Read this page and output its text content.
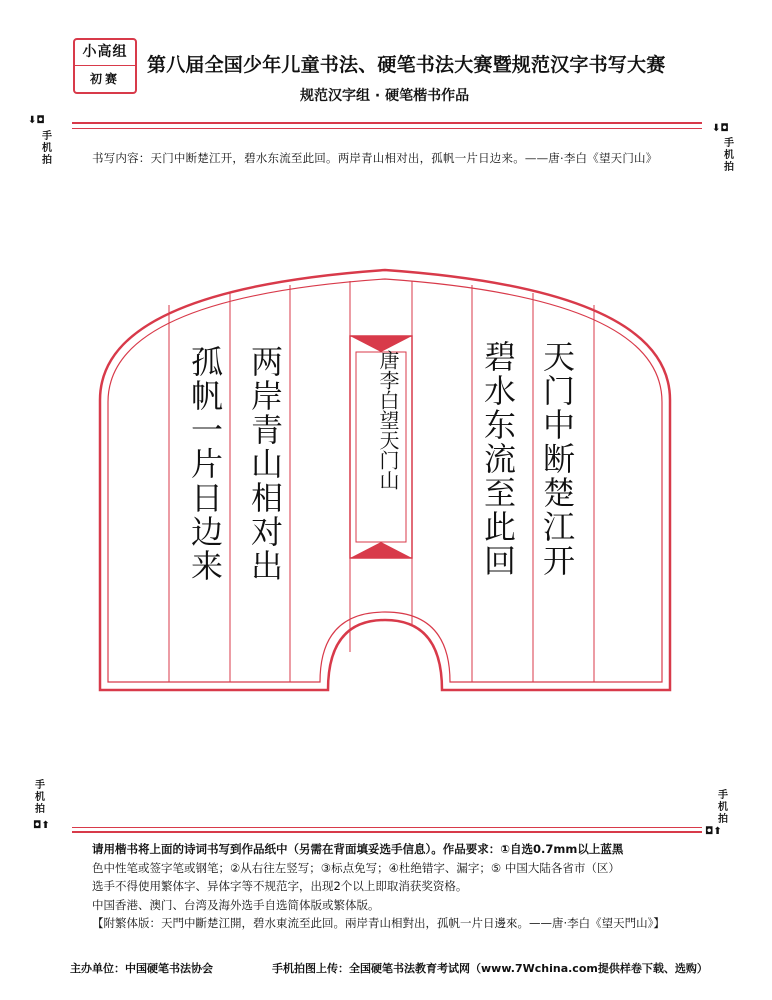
小高组
初赛
第八届全国少年儿童书法、硬笔书法大赛暨规范汉字书写大赛
规范汉字组 · 硬笔楷书作品
⬇◘
手
机
拍
⬇◘
手
机
拍
书写内容：天门中断楚江开，碧水东流至此回。两岸青山相对出，孤帆一片日边来。——唐·李白《望天门山》
天门中断楚江开
碧水东流至此回
唐李白望天门山
两岸青山相对出
孤帆一片日边来
手
机
拍
◘⬆
手
机
拍
◘⬆

请用楷书将上面的诗词书写到作品纸中（另需在背面填妥选手信息）。作品要求：①自选0.7mm以上蓝黑

色中性笔或签字笔或钢笔；②从右往左竖写；③标点免写；④杜绝错字、漏字；⑤ 中国大陆各省市（区）

选手不得使用繁体字、异体字等不规范字，出现2个以上即取消获奖资格。

中国香港、澳门、台湾及海外选手自选简体版或繁体版。

【附繁体版：天門中斷楚江開，碧水東流至此回。兩岸青山相對出，孤帆一片日邊來。——唐·李白《望天門山》】

主办单位：中国硬笔书法协会	手机拍图上传：全国硬笔书法教育考试网（www.7Wchina.com提供样卷下载、选购）
